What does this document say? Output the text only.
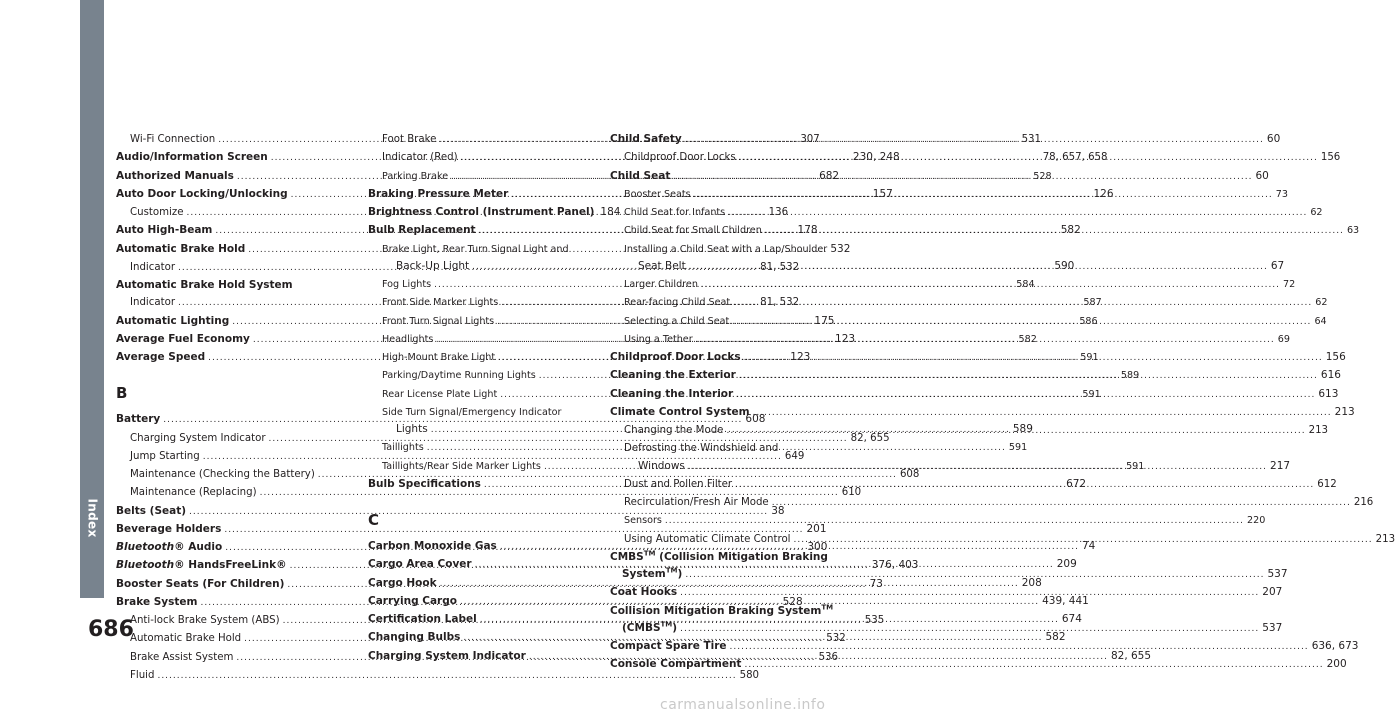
Index
686
Wi-Fi Connection .....	307
Audio/Information Screen .....	230, 248
Authorized Manuals .....	682
Auto Door Locking/Unlocking .....	157
Customize .....	136
Auto High-Beam .....	178
Automatic Brake Hold .....	532
Indicator .....	81, 532
Automatic Brake Hold System
Indicator .....	81, 532
Automatic Lighting .....	175
Average Fuel Economy .....	123
Average Speed .....	123
B
Battery .....	608
Charging System Indicator .....	82, 655
Jump Starting .....	649
Maintenance (Checking the Battery) .....	608
Maintenance (Replacing) .....	610
Belts (Seat) .....	38
Beverage Holders .....	201
Bluetooth® Audio .....	300
Bluetooth® HandsFreeLink® .....	376, 403
Booster Seats (For Children) .....	73
Brake System .....	528
Anti-lock Brake System (ABS) .....	535
Automatic Brake Hold .....	532
Brake Assist System .....	536
Fluid .....	580
Foot Brake .....	531
Indicator (Red) .....	78, 657, 658
Parking Brake .....	528
Braking Pressure Meter .....	126
Brightness Control (Instrument Panel) 184
Bulb Replacement .....	582
Brake Light, Rear Turn Signal Light and
Back-Up Light .....	590
Fog Lights .....	584
Front Side Marker Lights .....	587
Front Turn Signal Lights .....	586
Headlights .....	582
High-Mount Brake Light .....	591
Parking/Daytime Running Lights .....	589
Rear License Plate Light .....	591
Side Turn Signal/Emergency Indicator
Lights .....	589
Taillights .....	591
Taillights/Rear Side Marker Lights .....	591
Bulb Specifications .....	672
C
Carbon Monoxide Gas .....	74
Cargo Area Cover .....	209
Cargo Hook .....	208
Carrying Cargo .....	439, 441
Certification Label .....	674
Changing Bulbs .....	582
Charging System Indicator .....	82, 655
Child Safety .....	60
Childproof Door Locks .....	156
Child Seat .....	60
Booster Seats .....	73
Child Seat for Infants .....	62
Child Seat for Small Children .....	63
Installing a Child Seat with a Lap/Shoulder
Seat Belt .....	67
Larger Children .....	72
Rear-facing Child Seat .....	62
Selecting a Child Seat .....	64
Using a Tether .....	69
Childproof Door Locks .....	156
Cleaning the Exterior .....	616
Cleaning the Interior .....	613
Climate Control System .....	213
Changing the Mode .....	213
Defrosting the Windshield and
Windows .....	217
Dust and Pollen Filter .....	612
Recirculation/Fresh Air Mode .....	216
Sensors .....	220
Using Automatic Climate Control .....	213
CMBS™ (Collision Mitigation Braking
System™) .....	537
Coat Hooks .....	207
Collision Mitigation Braking System™
(CMBS™) .....	537
Compact Spare Tire .....	636, 673
Console Compartment .....	200
carmanualsonline.info
